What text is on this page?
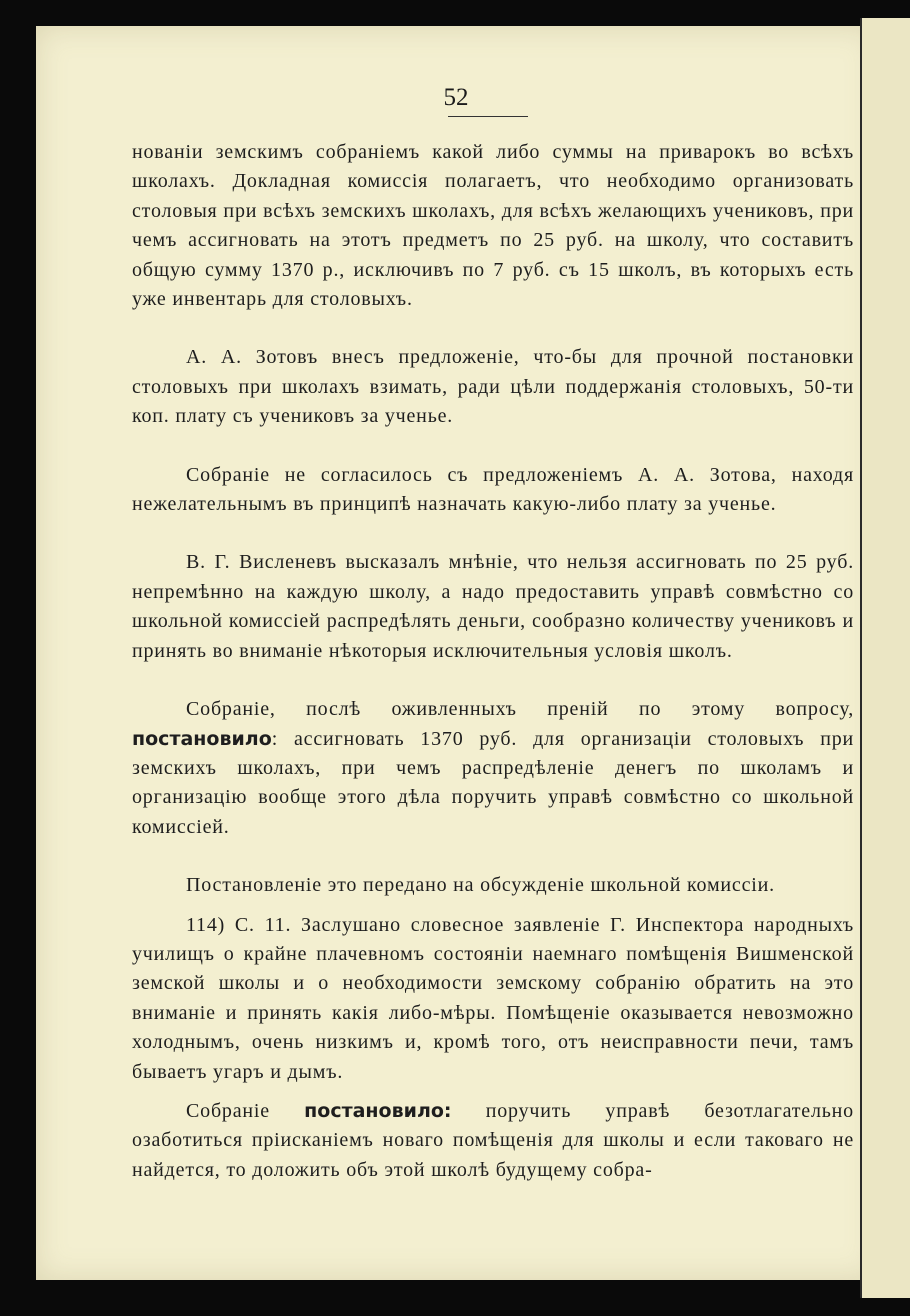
52

нованіи земскимъ собраніемъ какой либо суммы на приварокъ во всѣхъ школахъ. Докладная комиссія полагаетъ, что необходимо организовать столовыя при всѣхъ земскихъ школахъ, для всѣхъ желающихъ учениковъ, при чемъ ассигновать на этотъ предметъ по 25 руб. на школу, что составитъ общую сумму 1370 р., исключивъ по 7 руб. съ 15 школъ, въ которыхъ есть уже инвентарь для столовыхъ.

А. А. Зотовъ внесъ предложеніе, что-бы для прочной постановки столовыхъ при школахъ взимать, ради цѣли поддержанія столовыхъ, 50-ти коп. плату съ учениковъ за ученье.

Собраніе не согласилось съ предложеніемъ А. А. Зотова, находя нежелательнымъ въ принципѣ назначать какую-либо плату за ученье.

В. Г. Висленевъ высказалъ мнѣніе, что нельзя ассигновать по 25 руб. непремѣнно на каждую школу, а надо предоставить управѣ совмѣстно со школьной комиссіей распредѣлять деньги, сообразно количеству учениковъ и принять во вниманіе нѣкоторыя исключительныя условія школъ.

Собраніе, послѣ оживленныхъ преній по этому вопросу, постановило: ассигновать 1370 руб. для организаціи столовыхъ при земскихъ школахъ, при чемъ распредѣленіе денегъ по школамъ и организацію вообще этого дѣла поручить управѣ совмѣстно со школьной комиссіей.

Постановленіе это передано на обсужденіе школьной комиссіи.

114) С. 11. Заслушано словесное заявленіе Г. Инспектора народныхъ училищъ о крайне плачевномъ состояніи наемнаго помѣщенія Вишменской земской школы и о необходимости земскому собранію обратить на это вниманіе и принять какія либо-мѣры. Помѣщеніе оказывается невозможно холоднымъ, очень низкимъ и, кромѣ того, отъ неисправности печи, тамъ бываетъ угаръ и дымъ.

Собраніе постановило: поручить управѣ безотлагательно озаботиться пріисканіемъ новаго помѣщенія для школы и если таковаго не найдется, то доложить объ этой школѣ будущему собра-
